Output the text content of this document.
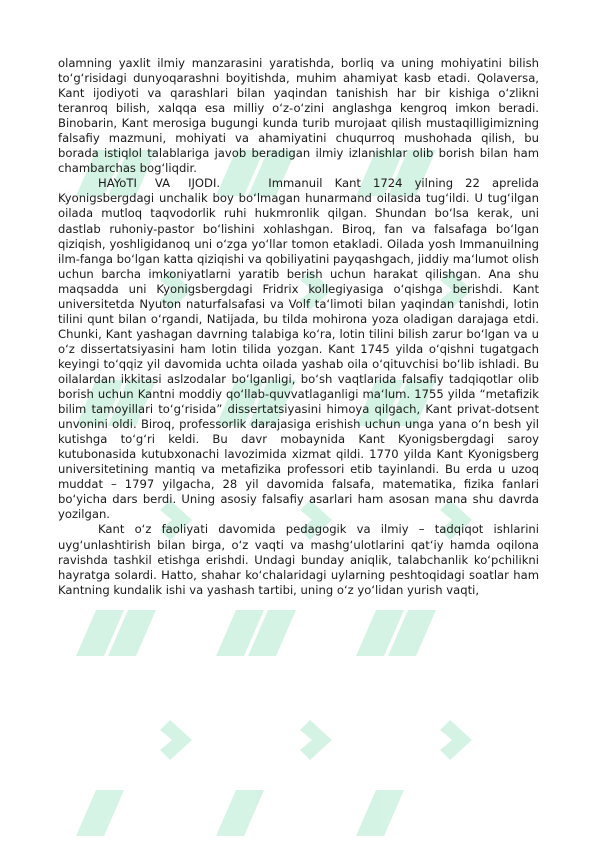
olamning yaxlit ilmiy manzarasini yaratishda, borliq va uning mohiyatini bilish to‘g‘risidagi dunyoqarashni boyitishda, muhim ahamiyat kasb etadi. Qolaversa, Kant ijodiyoti va qarashlari bilan yaqindan tanishish har bir kishiga o‘zlikni teranroq bilish, xalqqa esa milliy o‘z-o‘zini anglashga kengroq imkon beradi. Binobarin, Kant merosiga bugungi kunda turib murojaat qilish mustaqilligimizning falsafiy mazmuni, mohiyati va ahamiyatini chuqurroq mushohada qilish, bu borada istiqlol talablariga javob beradigan ilmiy izlanishlar olib borish bilan ham chambarchas bog‘liqdir.

HAYoTI VA IJODI.	Immanuil Kant 1724 yilning 22 aprelida Kyonigsbergdagi unchalik boy bo‘lmagan hunarmand oilasida tug‘ildi. U tug‘ilgan oilada mutloq taqvodorlik ruhi hukmronlik qilgan. Shundan bo‘lsa kerak, uni dastlab ruhoniy-pastor bo‘lishini xohlashgan. Biroq, fan va falsafaga bo‘lgan qiziqish, yoshligidanoq uni o‘zga yo‘llar tomon etakladi. Oilada yosh Immanuilning ilm-fanga bo‘lgan katta qiziqishi va qobiliyatini payqashgach, jiddiy ma‘lumot olish uchun barcha imkoniyatlarni yaratib berish uchun harakat qilishgan. Ana shu maqsadda uni Kyonigsbergdagi Fridrix kollegiyasiga o‘qishga berishdi. Kant universitetda Nyuton naturfalsafasi va Volf ta‘limoti bilan yaqindan tanishdi, lotin tilini qunt bilan o‘rgandi, Natijada, bu tilda mohirona yoza oladigan darajaga etdi. Chunki, Kant yashagan davrning talabiga ko‘ra, lotin tilini bilish zarur bo‘lgan va u o‘z dissertatsiyasini ham lotin tilida yozgan. Kant 1745 yilda o‘qishni tugatgach keyingi to‘qqiz yil davomida uchta oilada yashab oila o‘qituvchisi bo‘lib ishladi. Bu oilalardan ikkitasi aslzodalar bo‘lganligi, bo‘sh vaqtlarida falsafiy tadqiqotlar olib borish uchun Kantni moddiy qo‘llab-quvvatlaganligi ma‘lum. 1755 yilda “metafizik bilim tamoyillari to‘g‘risida” dissertatsiyasini himoya qilgach, Kant privat-dotsent unvonini oldi. Biroq, professorlik darajasiga erishish uchun unga yana o‘n besh yil kutishga to‘g‘ri keldi. Bu davr mobaynida Kant Kyonigsbergdagi saroy kutubonasida kutubxonachi lavozimida xizmat qildi. 1770 yilda Kant Kyonigsberg universitetining mantiq va metafizika professori etib tayinlandi. Bu erda u uzoq muddat – 1797 yilgacha, 28 yil davomida falsafa, matematika, fizika fanlari bo‘yicha dars berdi. Uning asosiy falsafiy asarlari ham asosan mana shu davrda yozilgan.

Kant o‘z faoliyati davomida pedagogik va ilmiy – tadqiqot ishlarini uyg‘unlashtirish bilan birga, o‘z vaqti va mashg‘ulotlarini qat‘iy hamda oqilona ravishda tashkil etishga erishdi. Undagi bunday aniqlik, talabchanlik ko‘pchilikni hayratga solardi. Hatto, shahar ko‘chalaridagi uylarning peshtoqidagi soatlar ham Kantning kundalik ishi va yashash tartibi, uning o‘z yo‘lidan yurish vaqti,
